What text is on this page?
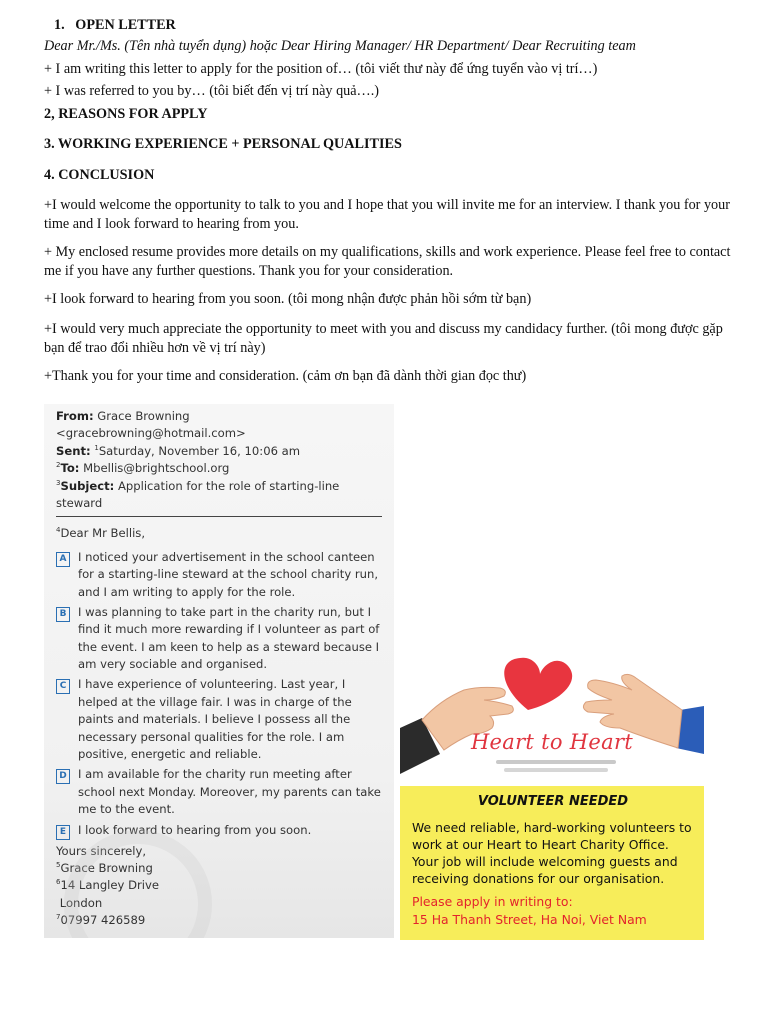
1. OPEN LETTER

Dear Mr./Ms. (Tên nhà tuyển dụng) hoặc Dear Hiring Manager/ HR Department/ Dear Recruiting team

+ I am writing this letter to apply for the position of… (tôi viết thư này để ứng tuyển vào vị trí…)

+ I was referred to you by… (tôi biết đến vị trí này quả….)

2, REASONS FOR APPLY

3. WORKING EXPERIENCE + PERSONAL QUALITIES

4. CONCLUSION

+I would welcome the opportunity to talk to you and I hope that you will invite me for an interview. I thank you for your time and I look forward to hearing from you.

+ My enclosed resume provides more details on my qualifications, skills and work experience. Please feel free to contact me if you have any further questions. Thank you for your consideration.

+I look forward to hearing from you soon. (tôi mong nhận được phản hồi sớm từ bạn)

+I would very much appreciate the opportunity to meet with you and discuss my candidacy further. (tôi mong được gặp bạn để trao đổi nhiều hơn về vị trí này)

+Thank you for your time and consideration. (cảm ơn bạn đã dành thời gian đọc thư)

From: Grace Browning <gracebrowning@hotmail.com>
Sent: $^1$Saturday, November 16, 10:06 am
$^2$To: Mbellis@brightschool.org
$^3$Subject: Application for the role of starting-line steward
$^4$Dear Mr Bellis,
A I noticed your advertisement in the school canteen for a starting-line steward at the school charity run, and I am writing to apply for the role.
B I was planning to take part in the charity run, but I find it much more rewarding if I volunteer as part of the event. I am keen to help as a steward because I am very sociable and organised.
C	I have experience of volunteering. Last year, I helped at the village fair. I was in charge of the paints and materials. I believe I possess all the necessary personal qualities for the role. I am positive, energetic and reliable.
D I am available for the charity run meeting after school next Monday. Moreover, my parents can take me to the event.
E	I look forward to hearing from you soon.
Yours sincerely,
$^5$Grace Browning
$^6$14 Langley Drive
London
$^7$07997 426589
Heart to Heart
VOLUNTEER NEEDED
We need reliable, hard-working volunteers to work at our Heart to Heart Charity Office. Your job will include welcoming guests and receiving donations for our organisation.
Please apply in writing to:
15 Ha Thanh Street, Ha Noi, Viet Nam
